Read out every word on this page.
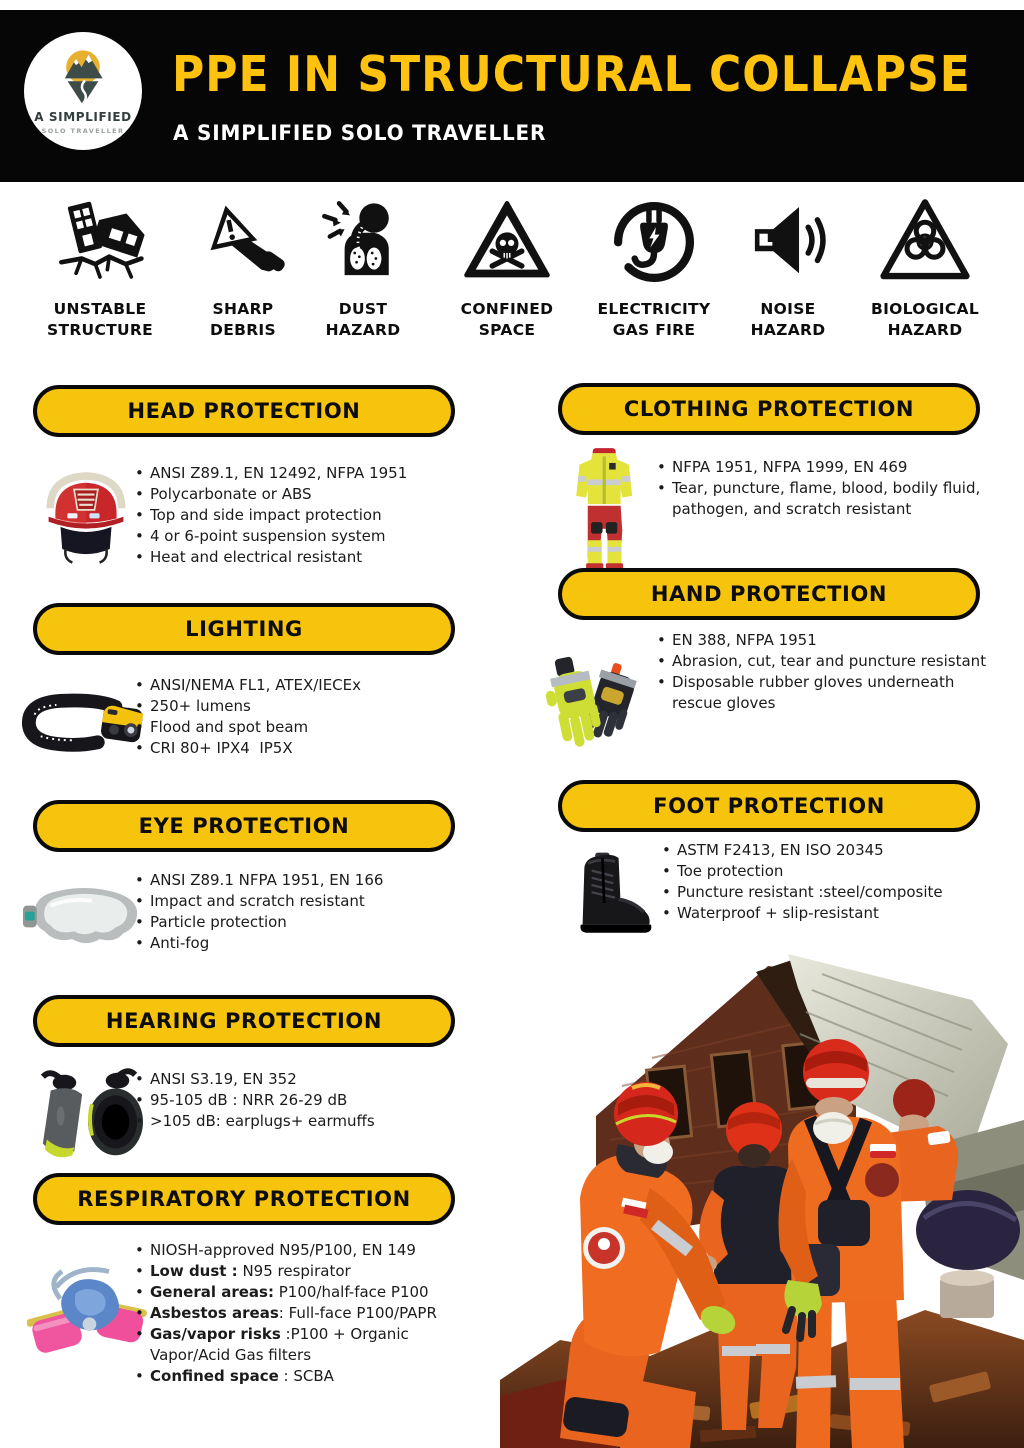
A SIMPLIFIED
SOLO TRAVELLER
PPE IN STRUCTURAL COLLAPSE
A SIMPLIFIED SOLO TRAVELLER
UNSTABLE
STRUCTURE
SHARP
DEBRIS
DUST
HAZARD
CONFINED
SPACE
ELECTRICITY
GAS FIRE
NOISE
HAZARD
BIOLOGICAL
HAZARD
HEAD PROTECTION
• ANSI Z89.1, EN 12492, NFPA 1951
• Polycarbonate or ABS
• Top and side impact protection
• 4 or 6-point suspension system
• Heat and electrical resistant
LIGHTING
• ANSI/NEMA FL1, ATEX/IECEx
• 250+ lumens
• Flood and spot beam
• CRI 80+ IPX4  IP5X
EYE PROTECTION
• ANSI Z89.1 NFPA 1951, EN 166
• Impact and scratch resistant
• Particle protection
• Anti-fog
HEARING PROTECTION
• ANSI S3.19, EN 352
• 95-105 dB : NRR 26-29 dB
• >105 dB: earplugs+ earmuffs
RESPIRATORY PROTECTION
• NIOSH-approved N95/P100, EN 149
• Low dust : N95 respirator
• General areas: P100/half-face P100
• Asbestos areas: Full-face P100/PAPR
• Gas/vapor risks :P100 + Organic Vapor/Acid Gas filters
• Confined space : SCBA
CLOTHING PROTECTION
• NFPA 1951, NFPA 1999, EN 469
• Tear, puncture, flame, blood, bodily fluid, pathogen, and scratch resistant
HAND PROTECTION
• EN 388, NFPA 1951
• Abrasion, cut, tear and puncture resistant
• Disposable rubber gloves underneath rescue gloves
FOOT PROTECTION
• ASTM F2413, EN ISO 20345
• Toe protection
• Puncture resistant :steel/composite
• Waterproof + slip-resistant
